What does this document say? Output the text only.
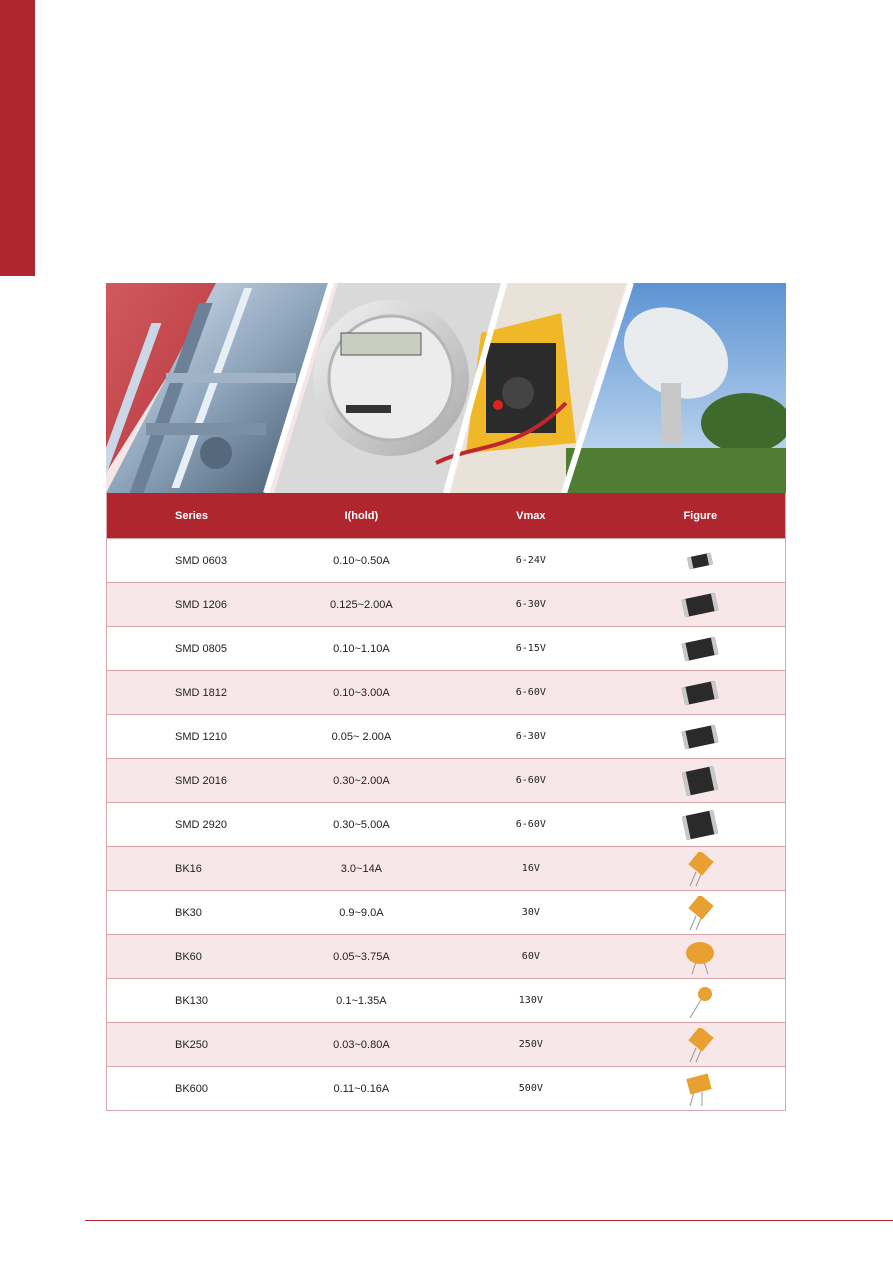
Series	I(hold)	Vmax	Figure
SMD 0603	0.10~0.50A	6-24V
SMD 1206	0.125~2.00A	6-30V
SMD 0805	0.10~1.10A	6-15V
SMD 1812	0.10~3.00A	6-60V
SMD 1210	0.05~ 2.00A	6-30V
SMD 2016	0.30~2.00A	6-60V
SMD 2920	0.30~5.00A	6-60V
BK16	3.0~14A	16V
BK30	0.9~9.0A	30V
BK60	0.05~3.75A	60V
BK130	0.1~1.35A	130V
BK250	0.03~0.80A	250V
BK600	0.11~0.16A	500V
